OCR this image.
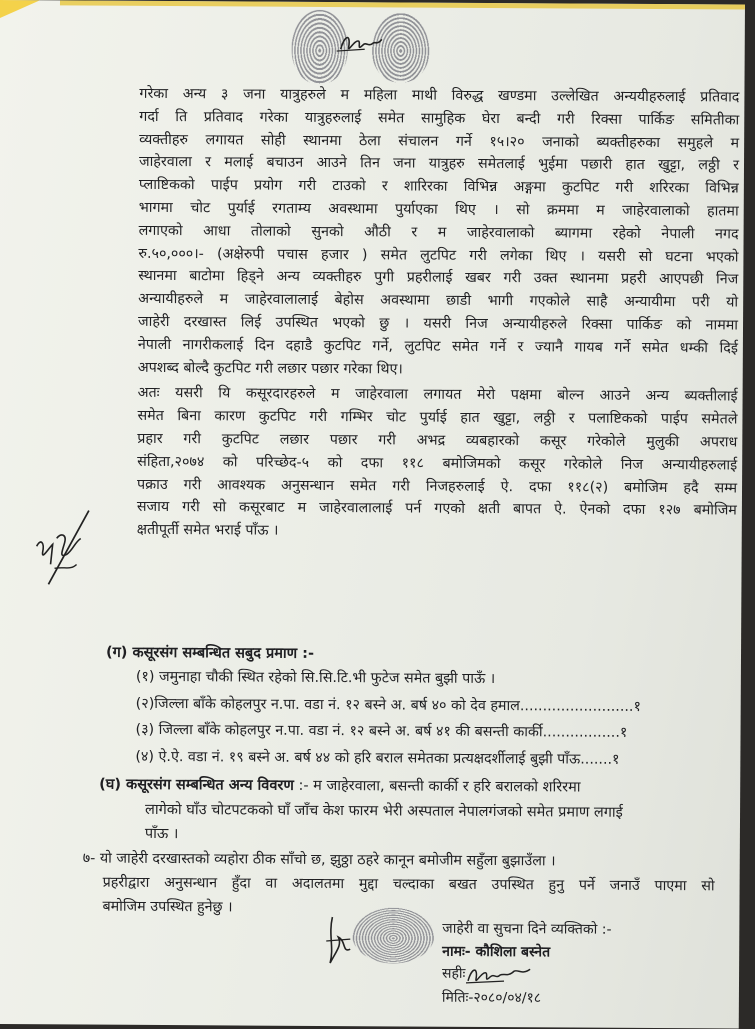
गरेका अन्य ३ जना यात्रुहरुले म महिला माथी विरुद्ध खण्डमा उल्लेखित अन्ययीहरुलाई प्रतिवाद
गर्दा ति प्रतिवाद गरेका यात्रुहरुलाई समेत सामुहिक घेरा बन्दी गरी रिक्सा पार्किङ समितीका
व्यक्तीहरु लगायत सोही स्थानमा ठेला संचालन गर्ने १५।२० जनाको ब्यक्तीहरुका समुहले म
जाहेरवाला र मलाई बचाउन आउने तिन जना यात्रुहरु समेतलाई भुईमा पछारी हात खुट्टा, लठ्ठी र
प्लाष्टिकको पाईप प्रयोग गरी टाउको र शारिरका विभिन्न अङ्गमा कुटपिट गरी शरिरका विभिन्न
भागमा चोट पुर्याई रगताम्य अवस्थामा पुर्याएका थिए । सो क्रममा म जाहेरवालाको हातमा
लगाएको आधा तोलाको सुनको औठी र म जाहेरवालाको ब्यागमा रहेको नेपाली नगद
रु.५०,०००।- (अक्षेरुपी पचास हजार ) समेत लुटपिट गरी लगेका थिए । यसरी सो घटना भएको
स्थानमा बाटोमा हिड्ने अन्य व्यक्तीहरु पुगी प्रहरीलाई खबर गरी उक्त स्थानमा प्रहरी आएपछी निज
अन्यायीहरुले म जाहेरवालालाई बेहोस अवस्थामा छाडी भागी गएकोले साहै अन्यायीमा परी यो
जाहेरी दरखास्त लिई उपस्थित भएको छु । यसरी निज अन्यायीहरुले रिक्सा पार्किङ को नाममा
नेपाली नागरीकलाई दिन दहाडै कुटपिट गर्ने, लुटपिट समेत गर्ने र ज्यानै गायब गर्ने समेत धम्की दिई
अपशब्द बोल्दै कुटपिट गरी लछार पछार गरेका थिए।
अतः यसरी यि कसूरदारहरुले म जाहेरवाला लगायत मेरो पक्षमा बोल्न आउने अन्य ब्यक्तीलाई
समेत बिना कारण कुटपिट गरी गम्भिर चोट पुर्याई हात खुट्टा, लठ्ठी र पलाष्टिकको पाईप समेतले
प्रहार गरी कुटपिट लछार पछार गरी अभद्र व्यबहारको कसूर गरेकोले मुलुकी अपराध
संहिता,२०७४ को परिच्छेद-५ को दफा ११८ बमोजिमको कसूर गरेकोले निज अन्यायीहरुलाई
पक्राउ गरी आवश्यक अनुसन्धान समेत गरी निजहरुलाई ऐ. दफा ११८(२) बमोजिम हदै सम्म
सजाय गरी सो कसूरबाट म जाहेरवालालाई पर्न गएको क्षती बापत ऐ. ऐनको दफा १२७ बमोजिम
क्षतीपूर्ती समेत भराई पाँऊ ।
(ग) कसूरसंग सम्बन्धित सबुद प्रमाण :-
(१) जमुनाहा चौकी स्थित रहेको सि.सि.टि.भी फुटेज समेत बुझी पाऊँ ।
(२)जिल्ला बाँके कोहलपुर न.पा. वडा नं. १२ बस्ने अ. बर्ष ४० को देव हमाल.........................१
(३) जिल्ला बाँके कोहलपुर न.पा. वडा नं. १२ बस्ने अ. बर्ष ४१ की बसन्ती कार्की.................१
(४) ऐ.ऐ. वडा नं. १९ बस्ने अ. बर्ष ४४ को हरि बराल समेतका प्रत्यक्षदर्शीलाई बुझी पाँऊ.......१
(घ) कसूरसंग सम्बन्धित अन्य विवरण :- म जाहेरवाला, बसन्ती कार्की र हरि बरालको शरिरमा
लागेको घाँउ चोटपटकको घाँ जाँच केश फारम भेरी अस्पताल नेपालगंजको समेत प्रमाण लगाई
पाँऊ ।
७- यो जाहेरी दरखास्तको व्यहोरा ठीक साँचो छ, झुठ्ठा ठहरे कानून बमोजीम सहुँला बुझाउँला ।
प्रहरीद्वारा अनुसन्धान हुँदा वा अदालतमा मुद्दा चल्दाका बखत उपस्थित हुनु पर्ने जनाउँ पाएमा सो
बमोजिम उपस्थित हुनेछु ।
जाहेरी वा सुचना दिने व्यक्तिको :-
नामः- कौशिला बस्नेत
सहीः
मितिः-२०८०/०४/१८
